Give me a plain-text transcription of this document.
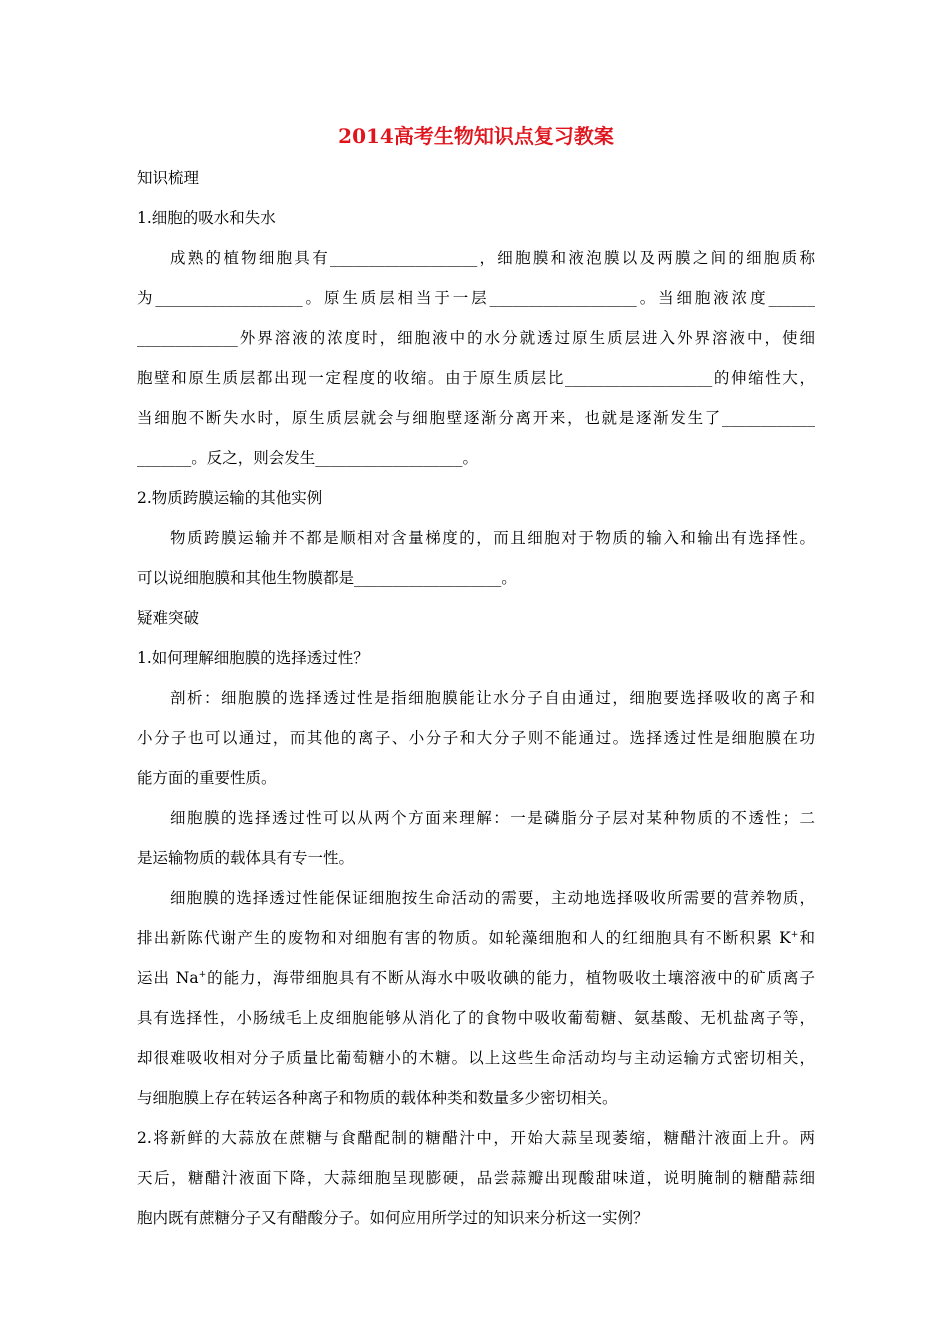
2014高考生物知识点复习教案
知识梳理
1.细胞的吸水和失水
成熟的植物细胞具有___________________，细胞膜和液泡膜以及两膜之间的细胞质称
为___________________。原生质层相当于一层___________________。当细胞液浓度______
_____________外界溶液的浓度时，细胞液中的水分就透过原生质层进入外界溶液中，使细
胞壁和原生质层都出现一定程度的收缩。由于原生质层比___________________的伸缩性大，
当细胞不断失水时，原生质层就会与细胞壁逐渐分离开来，也就是逐渐发生了____________
_______。反之，则会发生___________________。
2.物质跨膜运输的其他实例
物质跨膜运输并不都是顺相对含量梯度的，而且细胞对于物质的输入和输出有选择性。
可以说细胞膜和其他生物膜都是___________________。
疑难突破
1.如何理解细胞膜的选择透过性？
剖析：细胞膜的选择透过性是指细胞膜能让水分子自由通过，细胞要选择吸收的离子和
小分子也可以通过，而其他的离子、小分子和大分子则不能通过。选择透过性是细胞膜在功
能方面的重要性质。
细胞膜的选择透过性可以从两个方面来理解：一是磷脂分子层对某种物质的不透性；二
是运输物质的载体具有专一性。
细胞膜的选择透过性能保证细胞按生命活动的需要，主动地选择吸收所需要的营养物质，
排出新陈代谢产生的废物和对细胞有害的物质。如轮藻细胞和人的红细胞具有不断积累 K+和
运出 Na+的能力，海带细胞具有不断从海水中吸收碘的能力，植物吸收土壤溶液中的矿质离子
具有选择性，小肠绒毛上皮细胞能够从消化了的食物中吸收葡萄糖、氨基酸、无机盐离子等，
却很难吸收相对分子质量比葡萄糖小的木糖。以上这些生命活动均与主动运输方式密切相关，
与细胞膜上存在转运各种离子和物质的载体种类和数量多少密切相关。
2.将新鲜的大蒜放在蔗糖与食醋配制的糖醋汁中，开始大蒜呈现萎缩，糖醋汁液面上升。两
天后，糖醋汁液面下降，大蒜细胞呈现膨硬，品尝蒜瓣出现酸甜味道，说明腌制的糖醋蒜细
胞内既有蔗糖分子又有醋酸分子。如何应用所学过的知识来分析这一实例？
